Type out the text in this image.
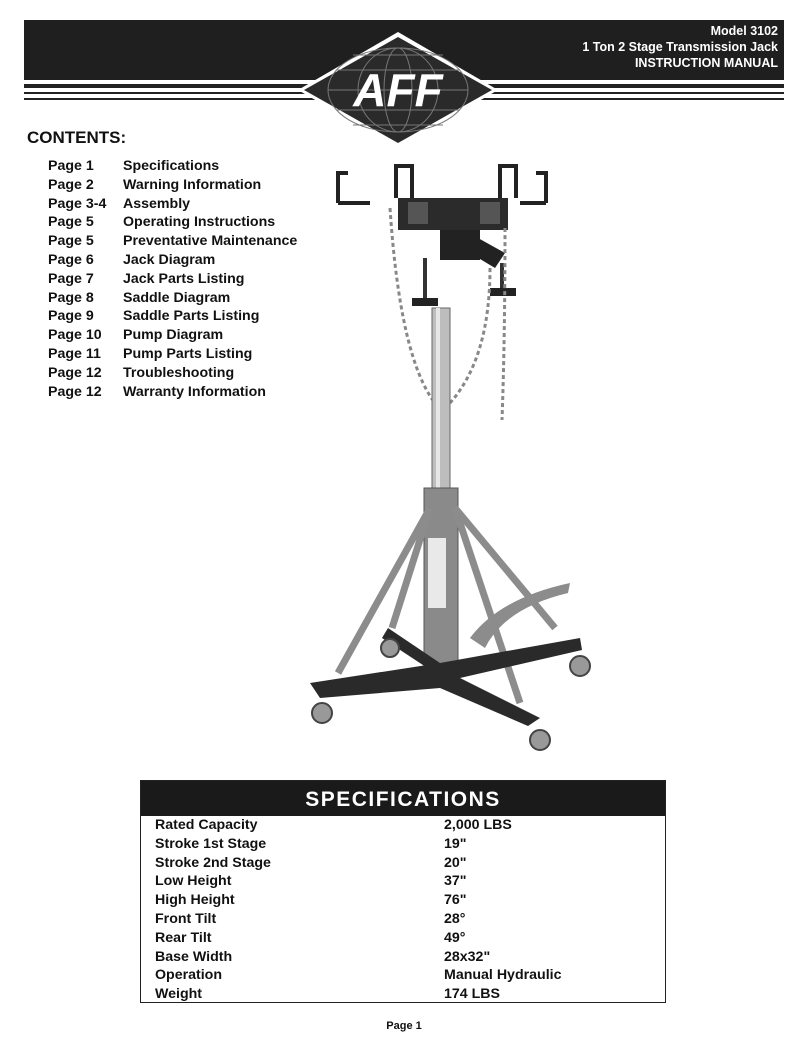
Model 3102
1 Ton 2 Stage Transmission Jack
INSTRUCTION MANUAL
AFF
CONTENTS:
Page 1	Specifications
Page 2	Warning Information
Page 3-4	Assembly
Page 5	Operating Instructions
Page 5	Preventative Maintenance
Page 6	Jack Diagram
Page 7	Jack Parts Listing
Page 8	Saddle Diagram
Page 9	Saddle Parts Listing
Page 10	Pump Diagram
Page 11	Pump Parts Listing
Page 12	Troubleshooting
Page 12	Warranty Information
SPECIFICATIONS
Rated Capacity	2,000 LBS
Stroke 1st Stage	19"
Stroke 2nd Stage	20"
Low Height	37"
High Height	76"
Front Tilt	28°
Rear Tilt	49°
Base Width	28x32"
Operation	Manual Hydraulic
Weight	174 LBS
Page 1
